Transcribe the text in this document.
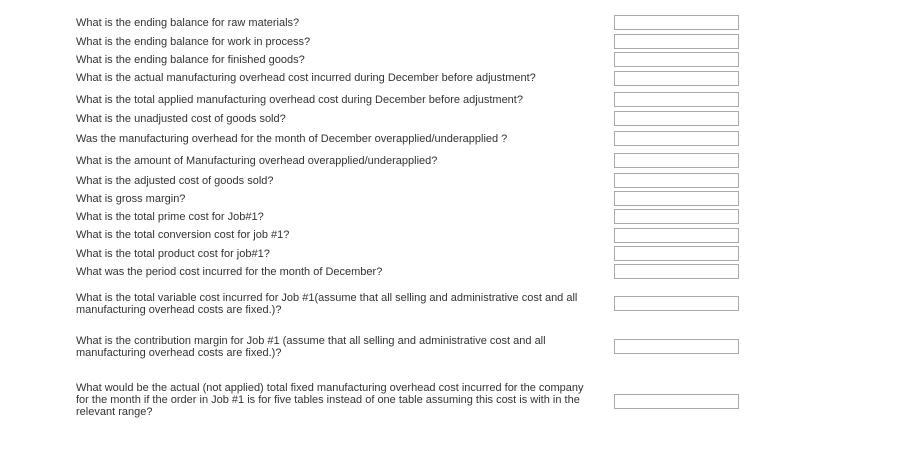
What is the ending balance for raw materials?
What is the ending balance for work in process?
What is the ending balance for finished goods?
What is the actual manufacturing overhead cost incurred during December before adjustment?
What is the total applied manufacturing overhead cost during December before adjustment?
What is the unadjusted cost of goods sold?
Was the manufacturing overhead for the month of December overapplied/underapplied ?
What is the amount of Manufacturing overhead overapplied/underapplied?
What is the adjusted cost of goods sold?
What is gross margin?
What is the total prime cost for Job#1?
What is the total conversion cost for job #1?
What is the total product cost for job#1?
What was the period cost incurred for the month of December?
What is the total variable cost incurred for Job #1(assume that all selling and administrative cost and all manufacturing overhead costs are fixed.)?
What is the contribution margin for Job #1 (assume that all selling and administrative cost and all manufacturing overhead costs are fixed.)?
What would be the actual (not applied) total fixed manufacturing overhead cost incurred for the company for the month if the order in Job #1 is for five tables instead of one table assuming this cost is with in the relevant range?
